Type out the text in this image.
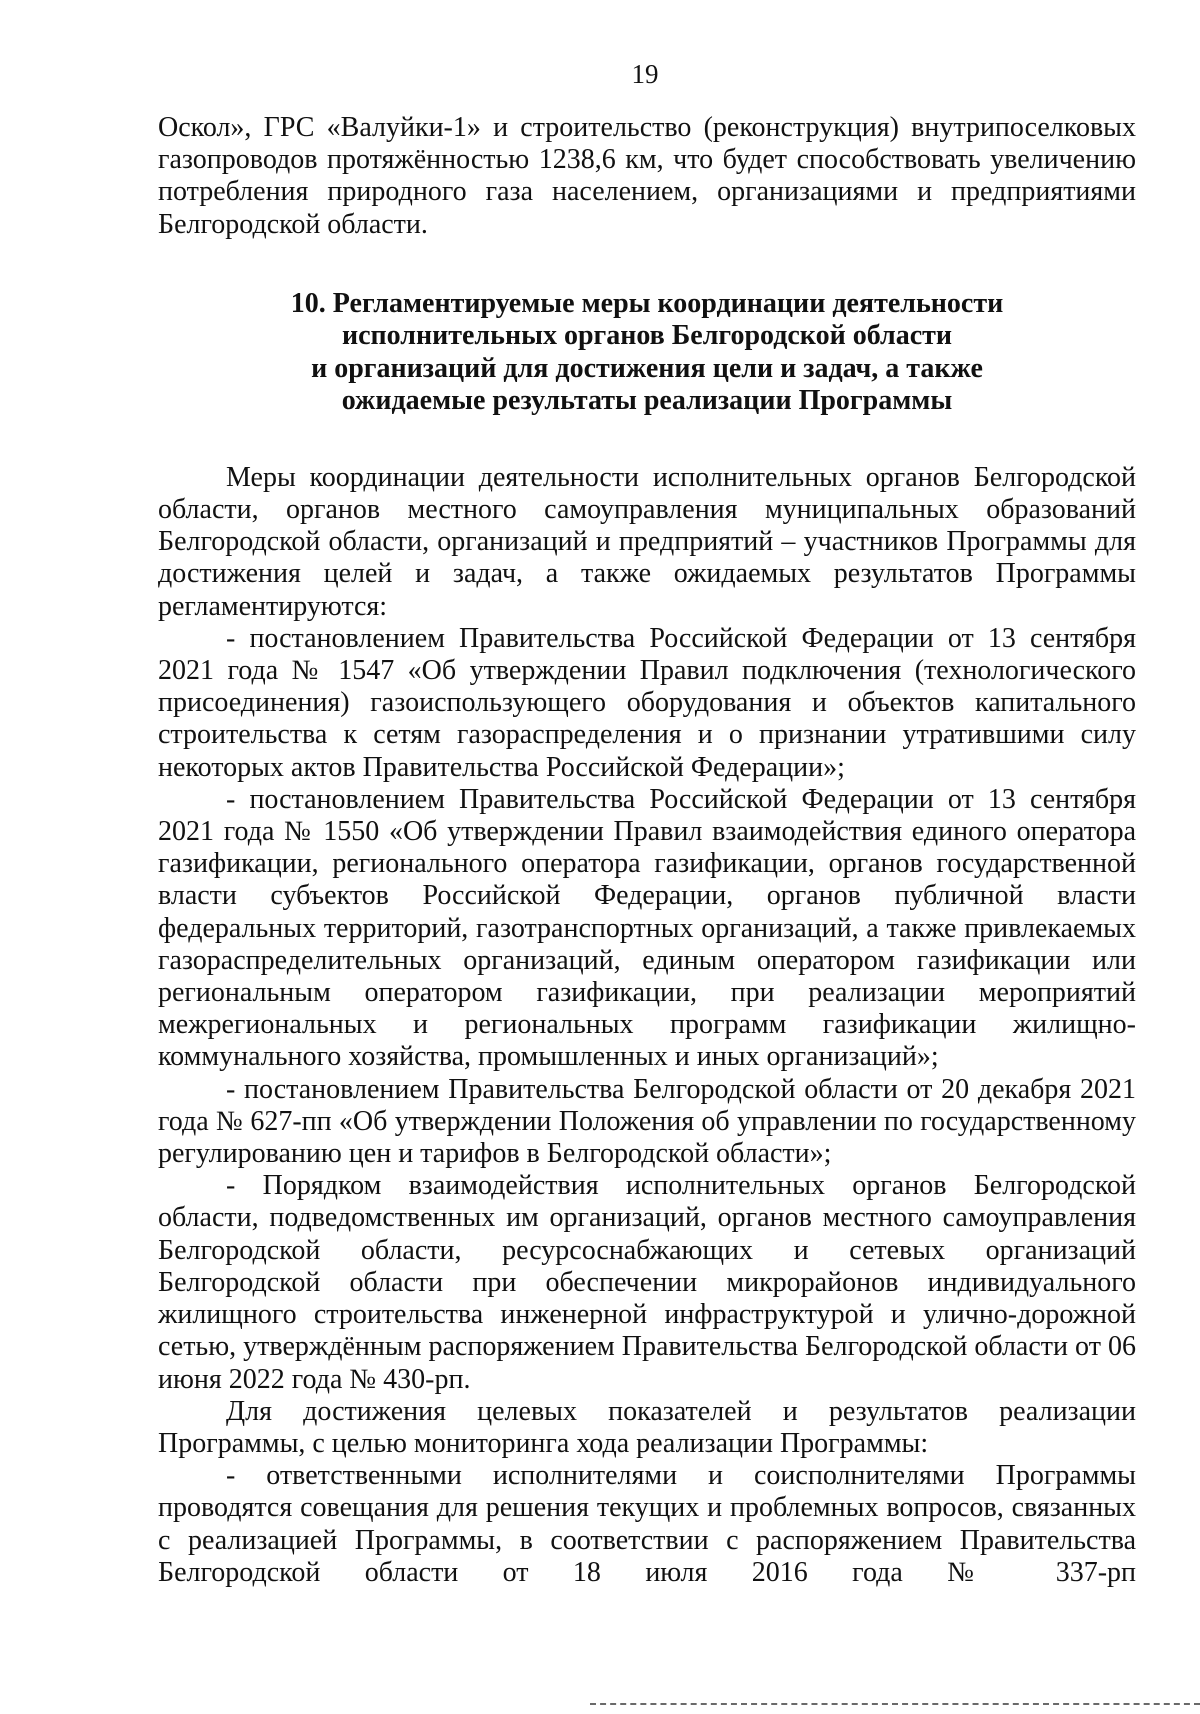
19

Оскол», ГРС «Валуйки-1» и строительство (реконструкция) внутрипоселковых газопроводов протяжённостью 1238,6 км, что будет способствовать увеличению потребления природного газа населением, организациями и предприятиями Белгородской области.

10. Регламентируемые меры координации деятельности
исполнительных органов Белгородской области
и организаций для достижения цели и задач, а также
ожидаемые результаты реализации Программы

Меры координации деятельности исполнительных органов Белгородской области, органов местного самоуправления муниципальных образований Белгородской области, организаций и предприятий – участников Программы для достижения целей и задач, а также ожидаемых результатов Программы регламентируются:

- постановлением Правительства Российской Федерации от 13 сентября 2021 года № 1547 «Об утверждении Правил подключения (технологического присоединения) газоиспользующего оборудования и объектов капитального строительства к сетям газораспределения и о признании утратившими силу некоторых актов Правительства Российской Федерации»;

- постановлением Правительства Российской Федерации от 13 сентября 2021 года № 1550 «Об утверждении Правил взаимодействия единого оператора газификации, регионального оператора газификации, органов государственной власти субъектов Российской Федерации, органов публичной власти федеральных территорий, газотранспортных организаций, а также привлекаемых газораспределительных организаций, единым оператором газификации или региональным оператором газификации, при реализации мероприятий межрегиональных и региональных программ газификации жилищно-коммунального хозяйства, промышленных и иных организаций»;

- постановлением Правительства Белгородской области от 20 декабря 2021 года № 627-пп «Об утверждении Положения об управлении по государственному регулированию цен и тарифов в Белгородской области»;

- Порядком взаимодействия исполнительных органов Белгородской области, подведомственных им организаций, органов местного самоуправления Белгородской области, ресурсоснабжающих и сетевых организаций Белгородской области при обеспечении микрорайонов индивидуального жилищного строительства инженерной инфраструктурой и улично-дорожной сетью, утверждённым распоряжением Правительства Белгородской области от 06 июня 2022 года № 430-рп.

Для достижения целевых показателей и результатов реализации Программы, с целью мониторинга хода реализации Программы:

- ответственными исполнителями и соисполнителями Программы проводятся совещания для решения текущих и проблемных вопросов, связанных с реализацией Программы, в соответствии с распоряжением Правительства Белгородской области от 18 июля 2016 года № 337-рп
